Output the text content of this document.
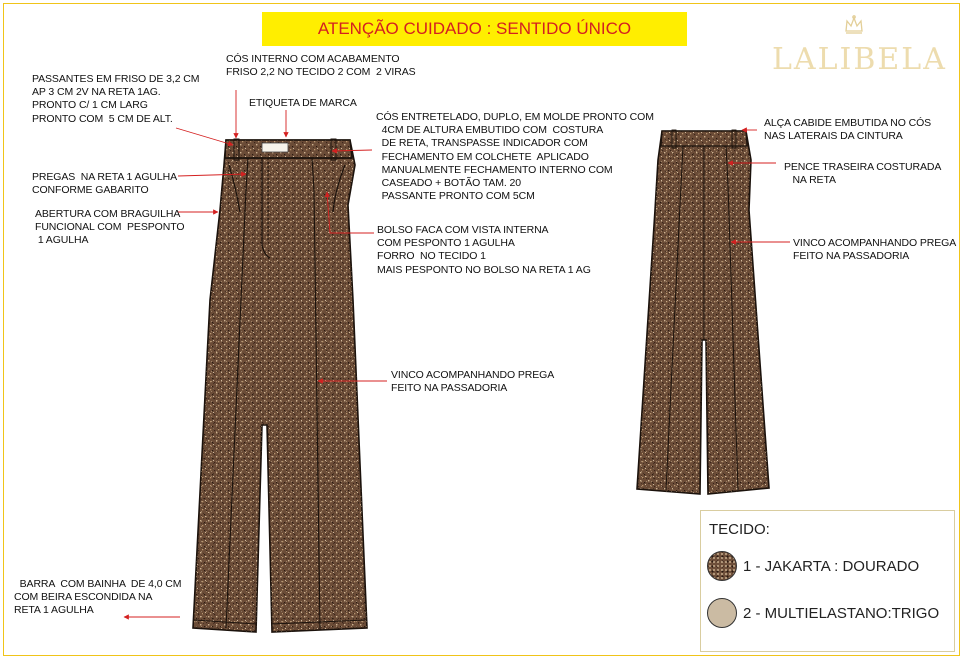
ATENÇÃO CUIDADO : SENTIDO ÚNICO
LALIBELA
CÓS INTERNO COM ACABAMENTO
FRISO 2,2 NO TECIDO 2 COM  2 VIRAS
PASSANTES EM FRISO DE 3,2 CM
AP 3 CM 2V NA RETA 1AG.
PRONTO C/ 1 CM LARG
PRONTO COM  5 CM DE ALT.
ETIQUETA DE MARCA
CÓS ENTRETELADO, DUPLO, EM MOLDE PRONTO COM
4CM DE ALTURA EMBUTIDO COM  COSTURA
DE RETA, TRANSPASSE INDICADOR COM
FECHAMENTO EM COLCHETE  APLICADO
MANUALMENTE FECHAMENTO INTERNO COM
CASEADO + BOTÃO TAM. 20
PASSANTE PRONTO COM 5CM
PREGAS  NA RETA 1 AGULHA
CONFORME GABARITO
ABERTURA COM BRAGUILHA
FUNCIONAL COM  PESPONTO
1 AGULHA
BOLSO FACA COM VISTA INTERNA
COM PESPONTO 1 AGULHA
FORRO  NO TECIDO 1
MAIS PESPONTO NO BOLSO NA RETA 1 AG
VINCO ACOMPANHANDO PREGA
FEITO NA PASSADORIA
BARRA  COM BAINHA  DE 4,0 CM
COM BEIRA ESCONDIDA NA
RETA 1 AGULHA
ALÇA CABIDE EMBUTIDA NO CÓS
NAS LATERAIS DA CINTURA
PENCE TRASEIRA COSTURADA
NA RETA
VINCO ACOMPANHANDO PREGA
FEITO NA PASSADORIA
TECIDO:
1 - JAKARTA : DOURADO
2 - MULTIELASTANO:TRIGO
